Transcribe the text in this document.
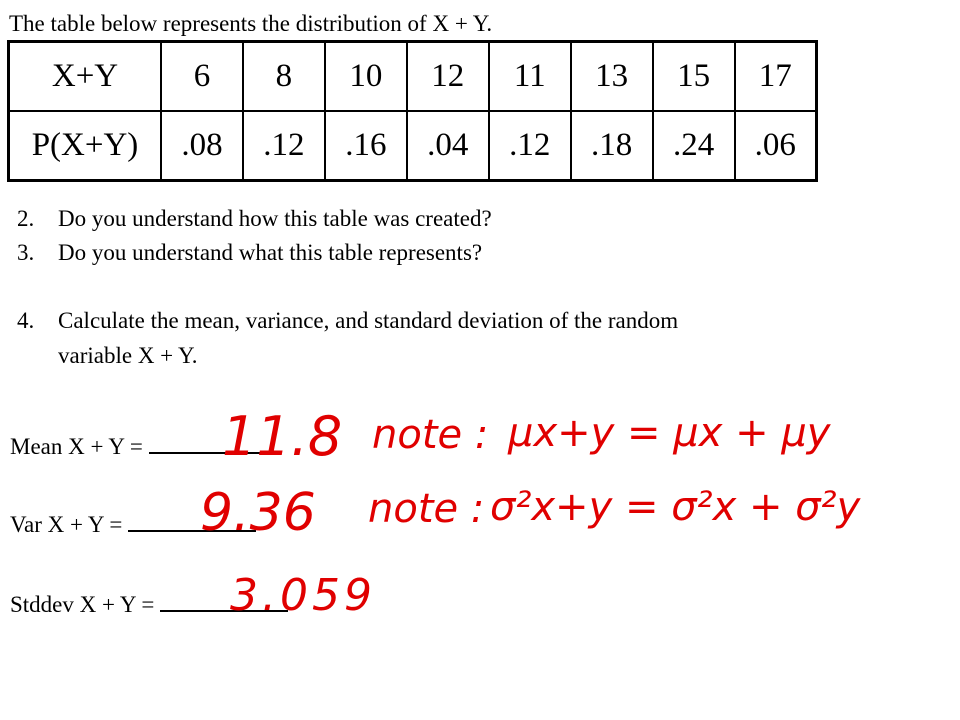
The table below represents the distribution of X + Y.
X+Y	6	8	10	12	11	13	15	17
P(X+Y)	.08	.12	.16	.04	.12	.18	.24	.06
2. Do you understand how this table was created?
3. Do you understand what this table represents?
4. Calculate the mean, variance, and standard deviation of the random
variable X + Y.
Mean X + Y =
Var X + Y =
Stddev X + Y =
11.8
9.36
3.059
note : μx+y = μx + μy
note : σ²x+y = σ²x + σ²y
